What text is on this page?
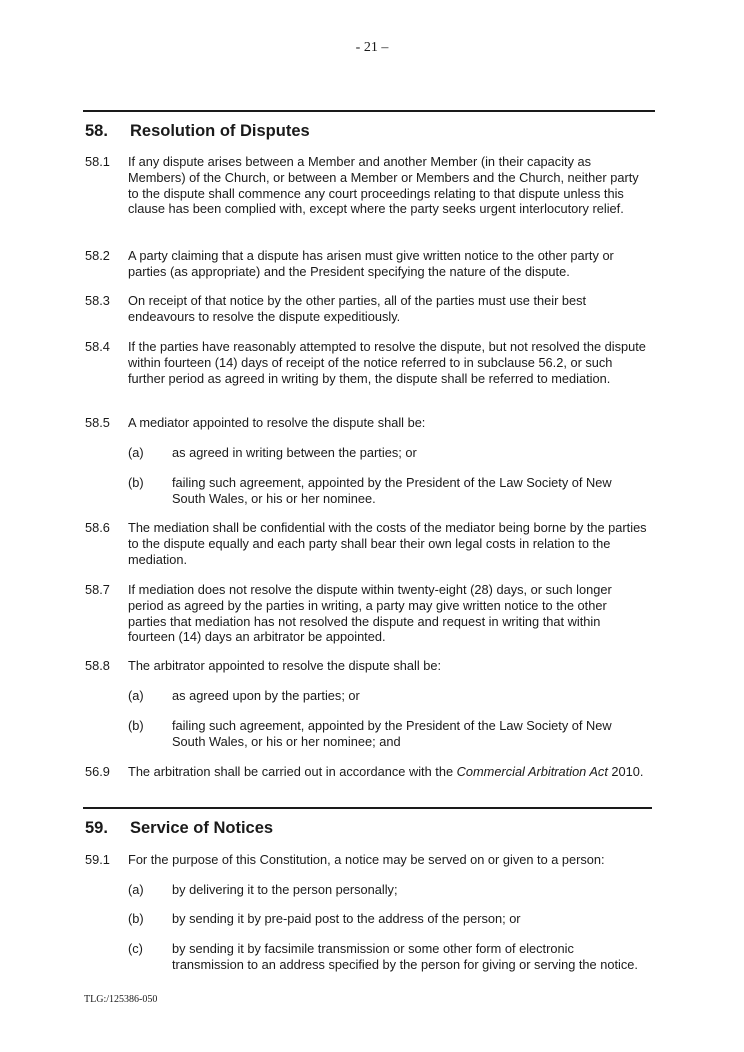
- 21 –
58. Resolution of Disputes
58.1 If any dispute arises between a Member and another Member (in their capacity as Members) of the Church, or between a Member or Members and the Church, neither party to the dispute shall commence any court proceedings relating to that dispute unless this clause has been complied with, except where the party seeks urgent interlocutory relief.
58.2 A party claiming that a dispute has arisen must give written notice to the other party or parties (as appropriate) and the President specifying the nature of the dispute.
58.3 On receipt of that notice by the other parties, all of the parties must use their best endeavours to resolve the dispute expeditiously.
58.4 If the parties have reasonably attempted to resolve the dispute, but not resolved the dispute within fourteen (14) days of receipt of the notice referred to in subclause 56.2, or such further period as agreed in writing by them, the dispute shall be referred to mediation.
58.5 A mediator appointed to resolve the dispute shall be:
(a) as agreed in writing between the parties; or
(b) failing such agreement, appointed by the President of the Law Society of New South Wales, or his or her nominee.
58.6 The mediation shall be confidential with the costs of the mediator being borne by the parties to the dispute equally and each party shall bear their own legal costs in relation to the mediation.
58.7 If mediation does not resolve the dispute within twenty-eight (28) days, or such longer period as agreed by the parties in writing, a party may give written notice to the other parties that mediation has not resolved the dispute and request in writing that within fourteen (14) days an arbitrator be appointed.
58.8 The arbitrator appointed to resolve the dispute shall be:
(a) as agreed upon by the parties; or
(b) failing such agreement, appointed by the President of the Law Society of New South Wales, or his or her nominee; and
56.9 The arbitration shall be carried out in accordance with the Commercial Arbitration Act 2010.
59. Service of Notices
59.1 For the purpose of this Constitution, a notice may be served on or given to a person:
(a) by delivering it to the person personally;
(b) by sending it by pre-paid post to the address of the person; or
(c) by sending it by facsimile transmission or some other form of electronic transmission to an address specified by the person for giving or serving the notice.
TLG:/125386-050
